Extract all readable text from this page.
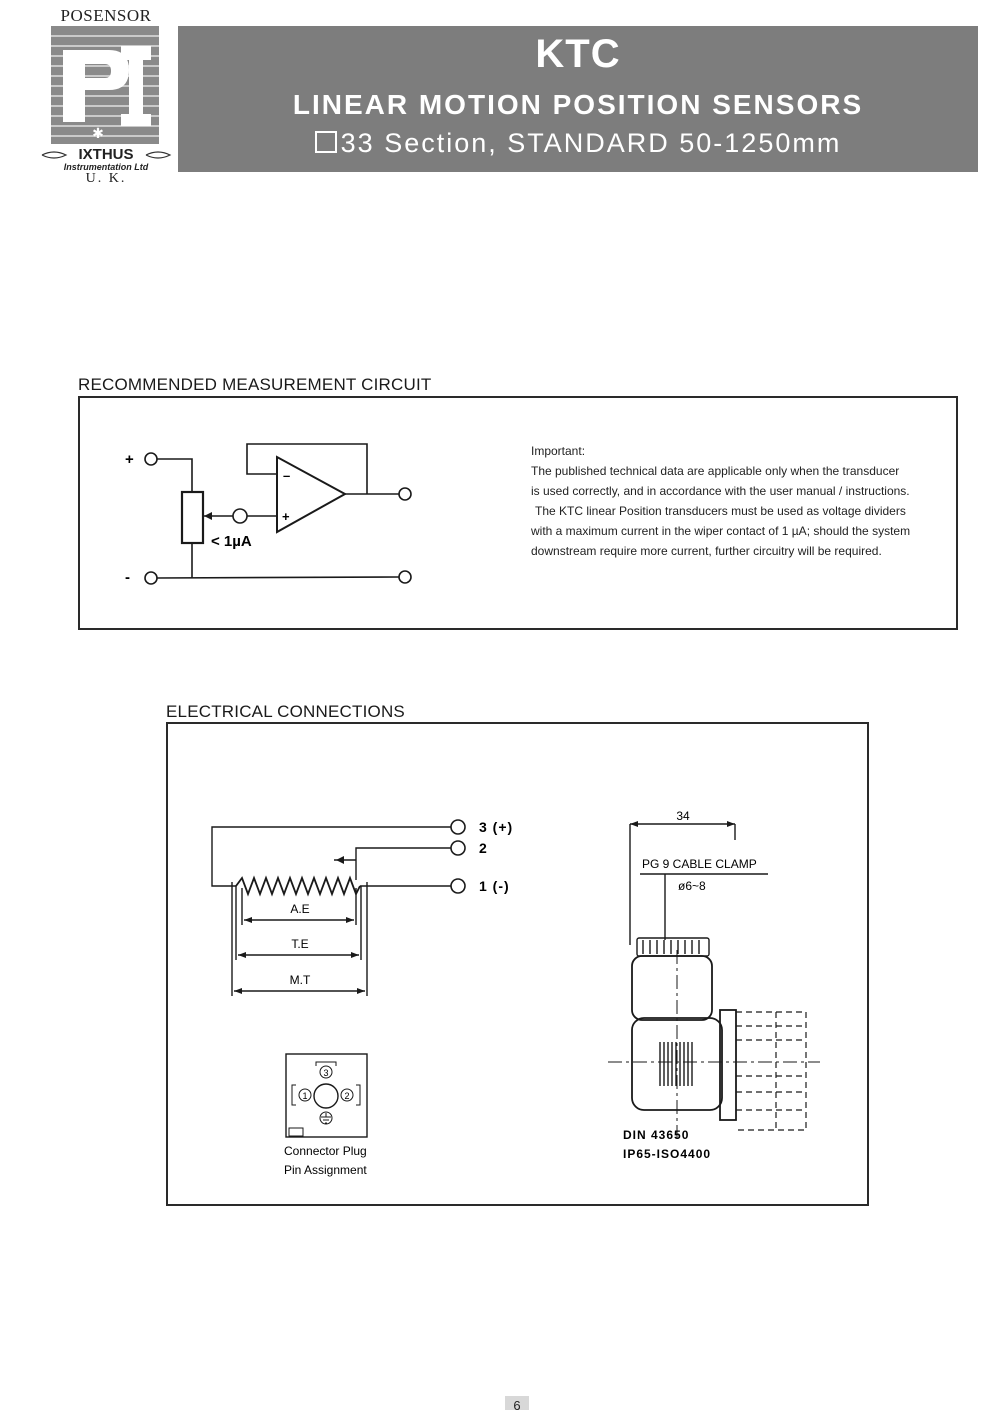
POSENSOR
✱
IXTHUS
Instrumentation Ltd
U. K.
KTC
LINEAR MOTION POSITION SENSORS
33 Section, STANDARD 50-1250mm
RECOMMENDED MEASUREMENT CIRCUIT
+
-
–
+
< 1µA
Important:
The published technical data are applicable only when the transducer
is used correctly, and in accordance with the user manual / instructions.
The KTC linear Position transducers must be used as voltage dividers
with a maximum current in the wiper contact of 1 µA; should the system
downstream require more current, further circuitry will be required.
ELECTRICAL CONNECTIONS
3 (+)
2
1 (-)
A.E
T.E
M.T
3
1	2
Connector Plug
Pin Assignment
34
PG 9 CABLE CLAMP
ø6~8
DIN 43650
IP65-ISO4400
6
